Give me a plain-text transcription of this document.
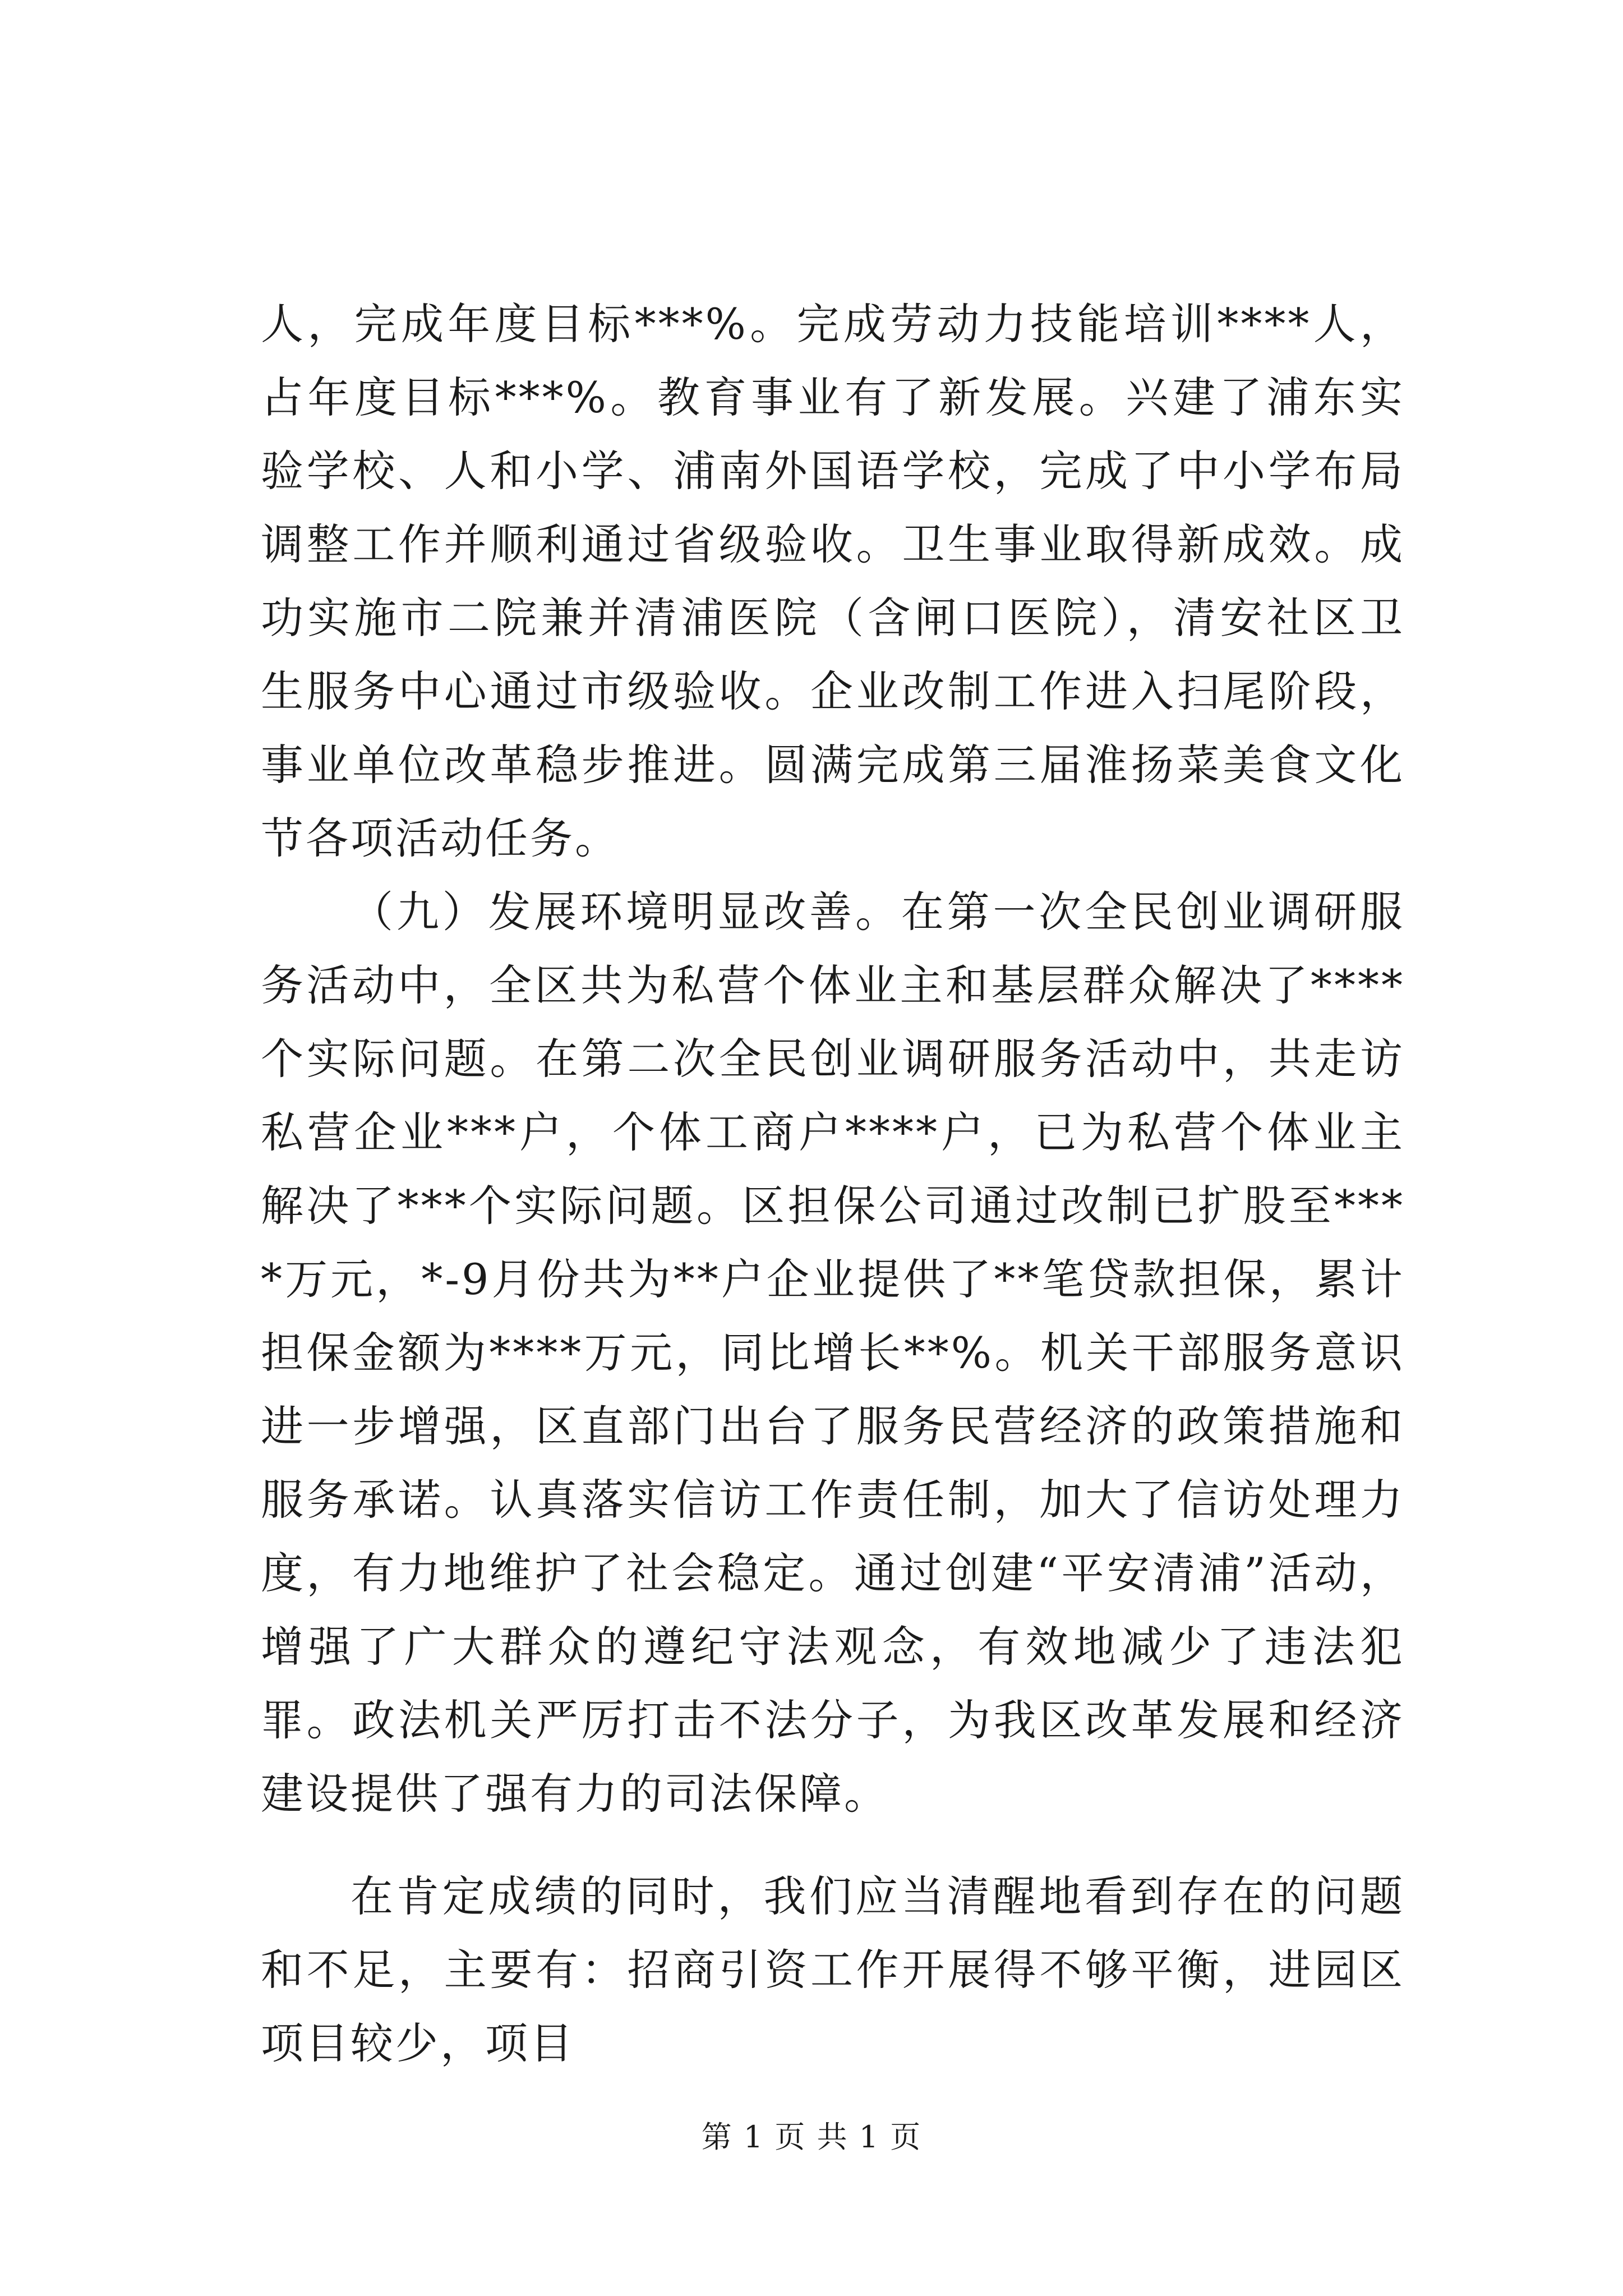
人，完成年度目标***%。完成劳动力技能培训****人，占年度目标***%。教育事业有了新发展。兴建了浦东实验学校、人和小学、浦南外国语学校，完成了中小学布局调整工作并顺利通过省级验收。卫生事业取得新成效。成功实施市二院兼并清浦医院（含闸口医院），清安社区卫生服务中心通过市级验收。企业改制工作进入扫尾阶段，事业单位改革稳步推进。圆满完成第三届淮扬菜美食文化节各项活动任务。

（九）发展环境明显改善。在第一次全民创业调研服务活动中，全区共为私营个体业主和基层群众解决了****个实际问题。在第二次全民创业调研服务活动中，共走访私营企业***户，个体工商户****户，已为私营个体业主解决了***个实际问题。区担保公司通过改制已扩股至****万元，*-9月份共为**户企业提供了**笔贷款担保，累计担保金额为****万元，同比增长**%。机关干部服务意识进一步增强，区直部门出台了服务民营经济的政策措施和服务承诺。认真落实信访工作责任制，加大了信访处理力度，有力地维护了社会稳定。通过创建“平安清浦”活动，增强了广大群众的遵纪守法观念，有效地减少了违法犯罪。政法机关严厉打击不法分子，为我区改革发展和经济建设提供了强有力的司法保障。

在肯定成绩的同时，我们应当清醒地看到存在的问题和不足，主要有：招商引资工作开展得不够平衡，进园区项目较少，项目

第 1 页 共 1 页
